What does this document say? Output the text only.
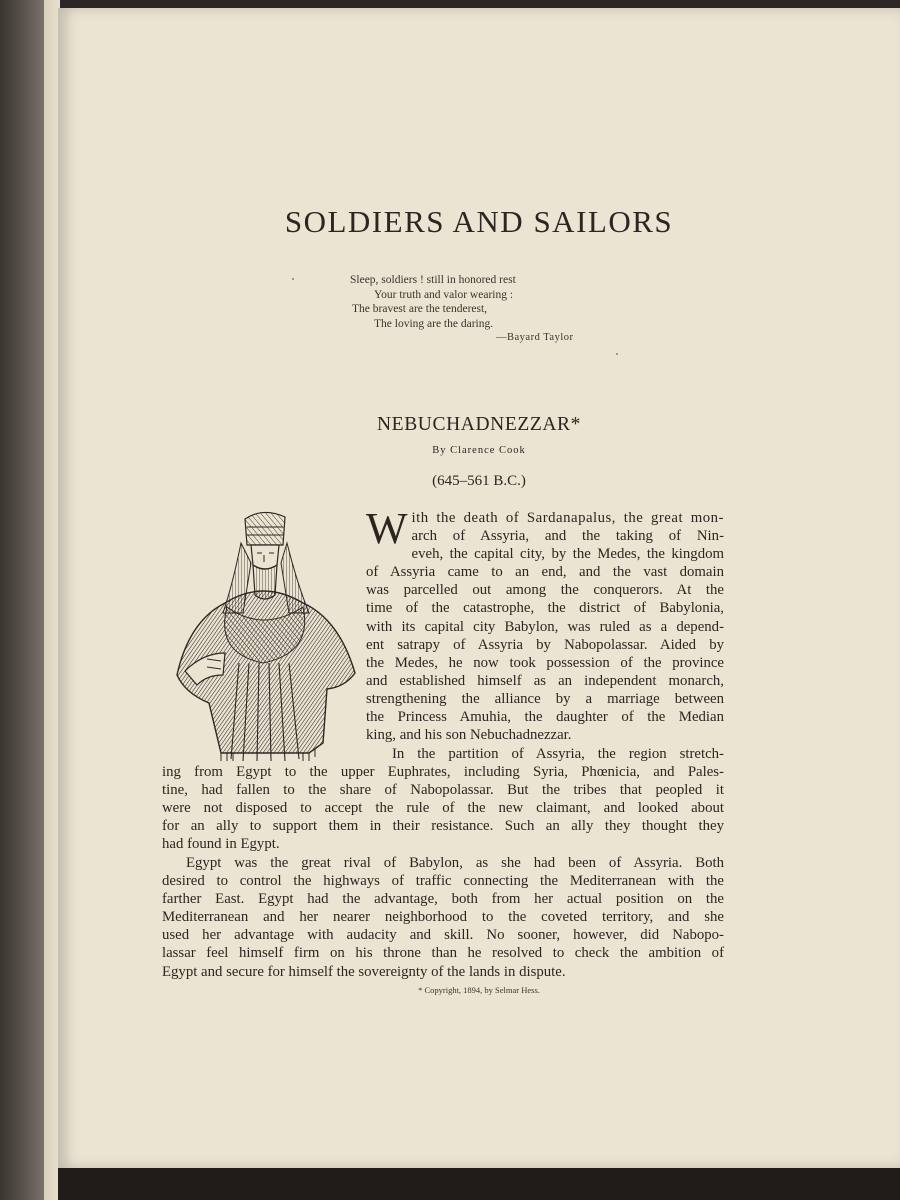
SOLDIERS AND SAILORS
Sleep, soldiers ! still in honored rest
Your truth and valor wearing :
The bravest are the tenderest,
The loving are the daring.
—Bayard Taylor
NEBUCHADNEZZAR*
By Clarence Cook
(645–561 B.C.)
W ith the death of Sardanapalus, the great mon-
arch of Assyria, and the taking of Nin-
eveh, the capital city, by the Medes, the kingdom
of Assyria came to an end, and the vast domain
was parcelled out among the conquerors. At the
time of the catastrophe, the district of Babylonia,
with its capital city Babylon, was ruled as a depend-
ent satrapy of Assyria by Nabopolassar. Aided by
the Medes, he now took possession of the province
and established himself as an independent monarch,
strengthening the alliance by a marriage between
the Princess Amuhia, the daughter of the Median
king, and his son Nebuchadnezzar.
In the partition of Assyria, the region stretch-
ing from Egypt to the upper Euphrates, including Syria, Phœnicia, and Pales-
tine, had fallen to the share of Nabopolassar. But the tribes that peopled it
were not disposed to accept the rule of the new claimant, and looked about
for an ally to support them in their resistance. Such an ally they thought they
had found in Egypt.
Egypt was the great rival of Babylon, as she had been of Assyria. Both
desired to control the highways of traffic connecting the Mediterranean with the
farther East. Egypt had the advantage, both from her actual position on the
Mediterranean and her nearer neighborhood to the coveted territory, and she
used her advantage with audacity and skill. No sooner, however, did Nabopo-
lassar feel himself firm on his throne than he resolved to check the ambition of
Egypt and secure for himself the sovereignty of the lands in dispute.
* Copyright, 1894, by Selmar Hess.
